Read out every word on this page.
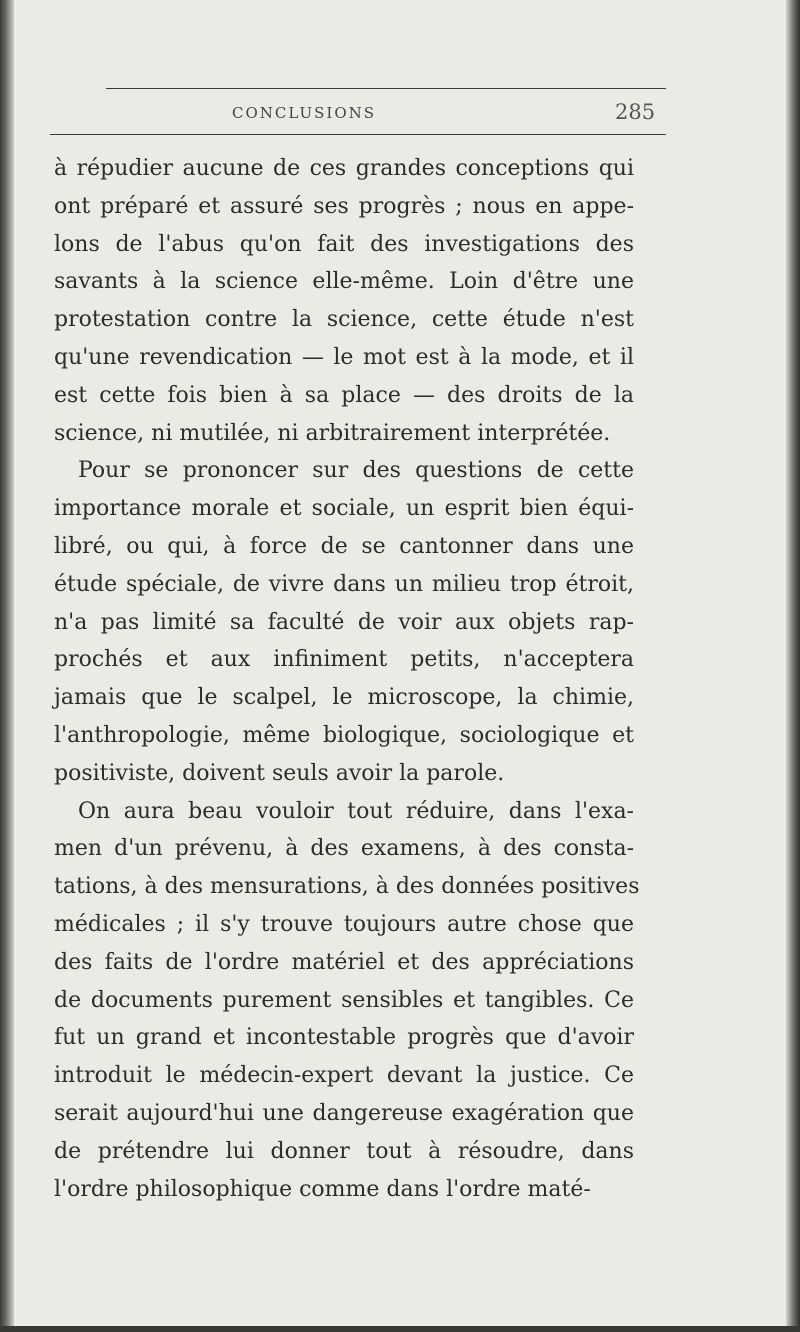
CONCLUSIONS	285
à répudier aucune de ces grandes conceptions qui
ont préparé et assuré ses progrès ; nous en appe-
lons de l'abus qu'on fait des investigations des
savants à la science elle-même. Loin d'être une
protestation contre la science, cette étude n'est
qu'une revendication — le mot est à la mode, et il
est cette fois bien à sa place — des droits de la
science, ni mutilée, ni arbitrairement interprétée.
Pour se prononcer sur des questions de cette
importance morale et sociale, un esprit bien équi-
libré, ou qui, à force de se cantonner dans une
étude spéciale, de vivre dans un milieu trop étroit,
n'a pas limité sa faculté de voir aux objets rap-
prochés et aux infiniment petits, n'acceptera
jamais que le scalpel, le microscope, la chimie,
l'anthropologie, même biologique, sociologique et
positiviste, doivent seuls avoir la parole.
On aura beau vouloir tout réduire, dans l'exa-
men d'un prévenu, à des examens, à des consta-
tations, à des mensurations, à des données positives
médicales ; il s'y trouve toujours autre chose que
des faits de l'ordre matériel et des appréciations
de documents purement sensibles et tangibles. Ce
fut un grand et incontestable progrès que d'avoir
introduit le médecin-expert devant la justice. Ce
serait aujourd'hui une dangereuse exagération que
de prétendre lui donner tout à résoudre, dans
l'ordre philosophique comme dans l'ordre maté-
